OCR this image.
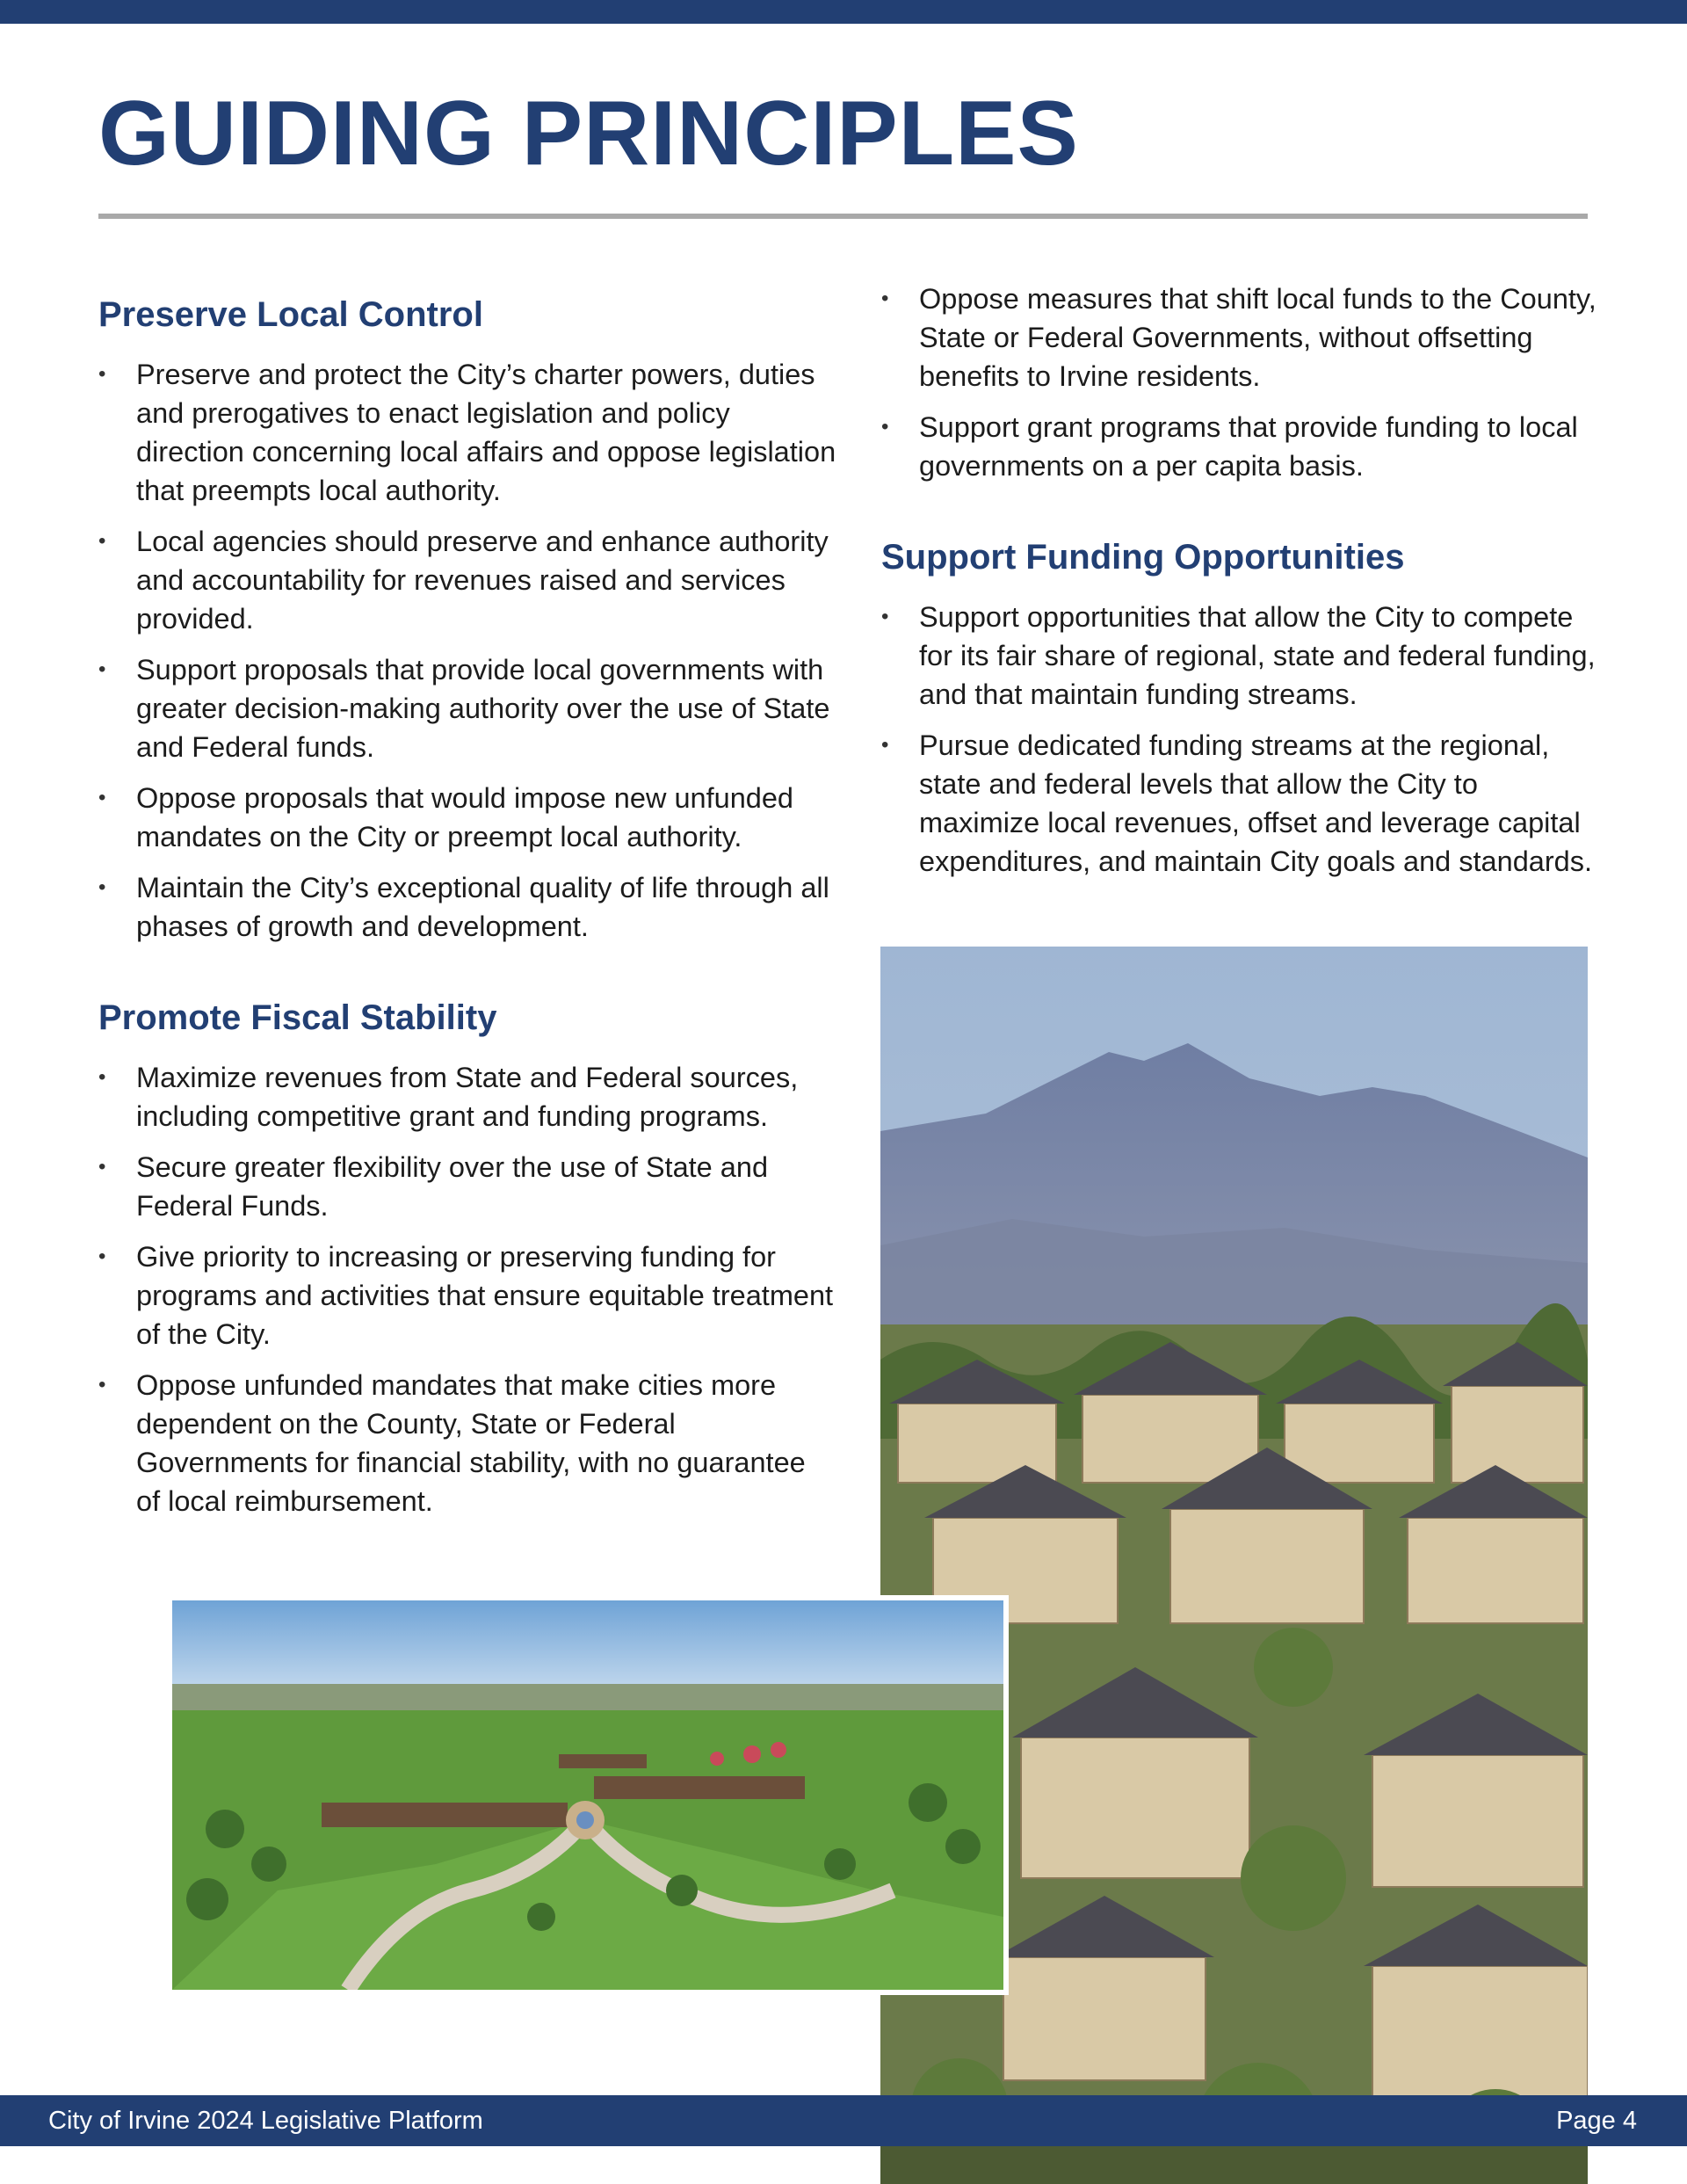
GUIDING PRINCIPLES
Preserve Local Control
• Preserve and protect the City’s charter powers, duties and prerogatives to enact legislation and policy direction concerning local affairs and oppose legislation that preempts local authority.
• Local agencies should preserve and enhance authority and accountability for revenues raised and services provided.
• Support proposals that provide local governments with greater decision-making authority over the use of State and Federal funds.
• Oppose proposals that would impose new unfunded mandates on the City or preempt local authority.
• Maintain the City’s exceptional quality of life through all phases of growth and development.
Promote Fiscal Stability
• Maximize revenues from State and Federal sources, including competitive grant and funding programs.
• Secure greater flexibility over the use of State and Federal Funds.
• Give priority to increasing or preserving funding for programs and activities that ensure equitable treatment of the City.
• Oppose unfunded mandates that make cities more dependent on the County, State or Federal Governments for financial stability, with no guarantee of local reimbursement.
• Oppose measures that shift local funds to the County, State or Federal Governments, without offsetting benefits to Irvine residents.
• Support grant programs that provide funding to local governments on a per capita basis.
Support Funding Opportunities
• Support opportunities that allow the City to compete for its fair share of regional, state and federal funding, and that maintain funding streams.
• Pursue dedicated funding streams at the regional, state and federal levels that allow the City to maximize local revenues, offset and leverage capital expenditures, and maintain City goals and standards.
City of Irvine 2024 Legislative Platform	Page 4
